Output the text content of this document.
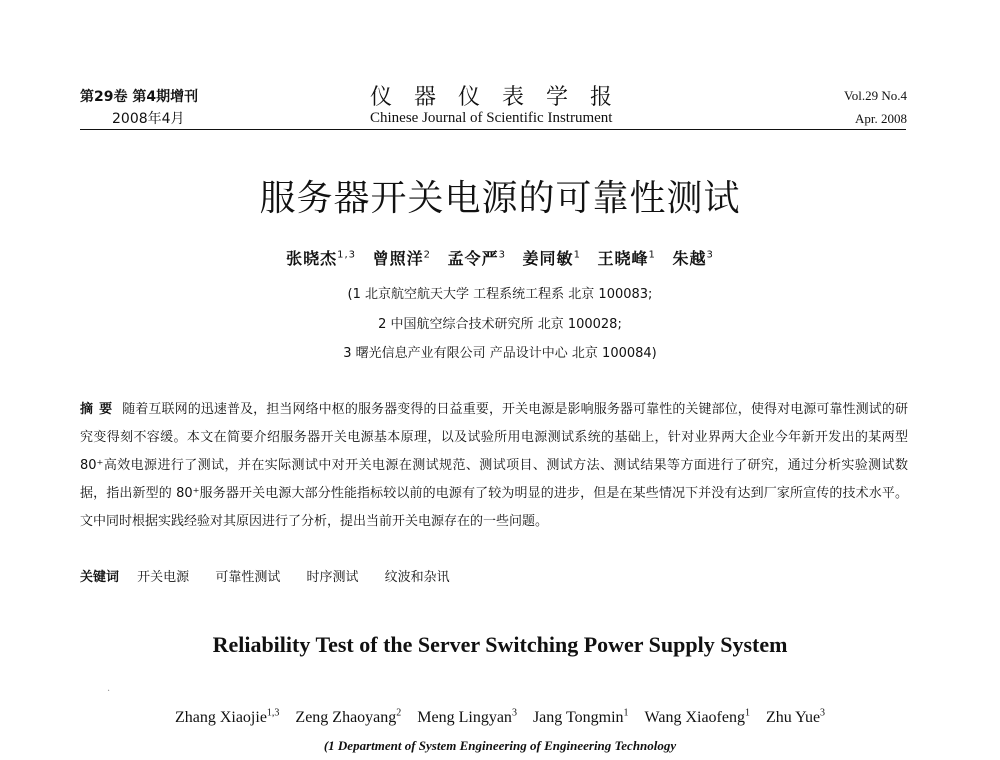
第29卷 第4期增刊
2008年4月
仪器仪表学报
Chinese Journal of Scientific Instrument
Vol.29 No.4
Apr. 2008
服务器开关电源的可靠性测试
张晓杰$^{1,3}$ 曾照洋$^2$ 孟令严$^3$ 姜同敏$^1$ 王晓峰$^1$ 朱越$^3$
(1 北京航空航天大学 工程系统工程系 北京 100083;
2 中国航空综合技术研究所 北京 100028;
3 曙光信息产业有限公司 产品设计中心 北京 100084)
摘要 随着互联网的迅速普及，担当网络中枢的服务器变得的日益重要，开关电源是影响服务器可靠性的关键部位，使得对电源可靠性测试的研究变得刻不容缓。本文在简要介绍服务器开关电源基本原理，以及试验所用电源测试系统的基础上，针对业界两大企业今年新开发出的某两型 80⁺高效电源进行了测试，并在实际测试中对开关电源在测试规范、测试项目、测试方法、测试结果等方面进行了研究，通过分析实验测试数据，指出新型的 80⁺服务器开关电源大部分性能指标较以前的电源有了较为明显的进步，但是在某些情况下并没有达到厂家所宣传的技术水平。文中同时根据实践经验对其原因进行了分析，提出当前开关电源存在的一些问题。
关键词 开关电源 可靠性测试 时序测试 纹波和杂讯
Reliability Test of the Server Switching Power Supply System
·
Zhang Xiaojie$^{1,3}$ Zeng Zhaoyang$^2$ Meng Lingyan$^3$ Jang Tongmin$^1$ Wang Xiaofeng$^1$ Zhu Yue$^3$
(1 Department of System Engineering of Engineering Technology
